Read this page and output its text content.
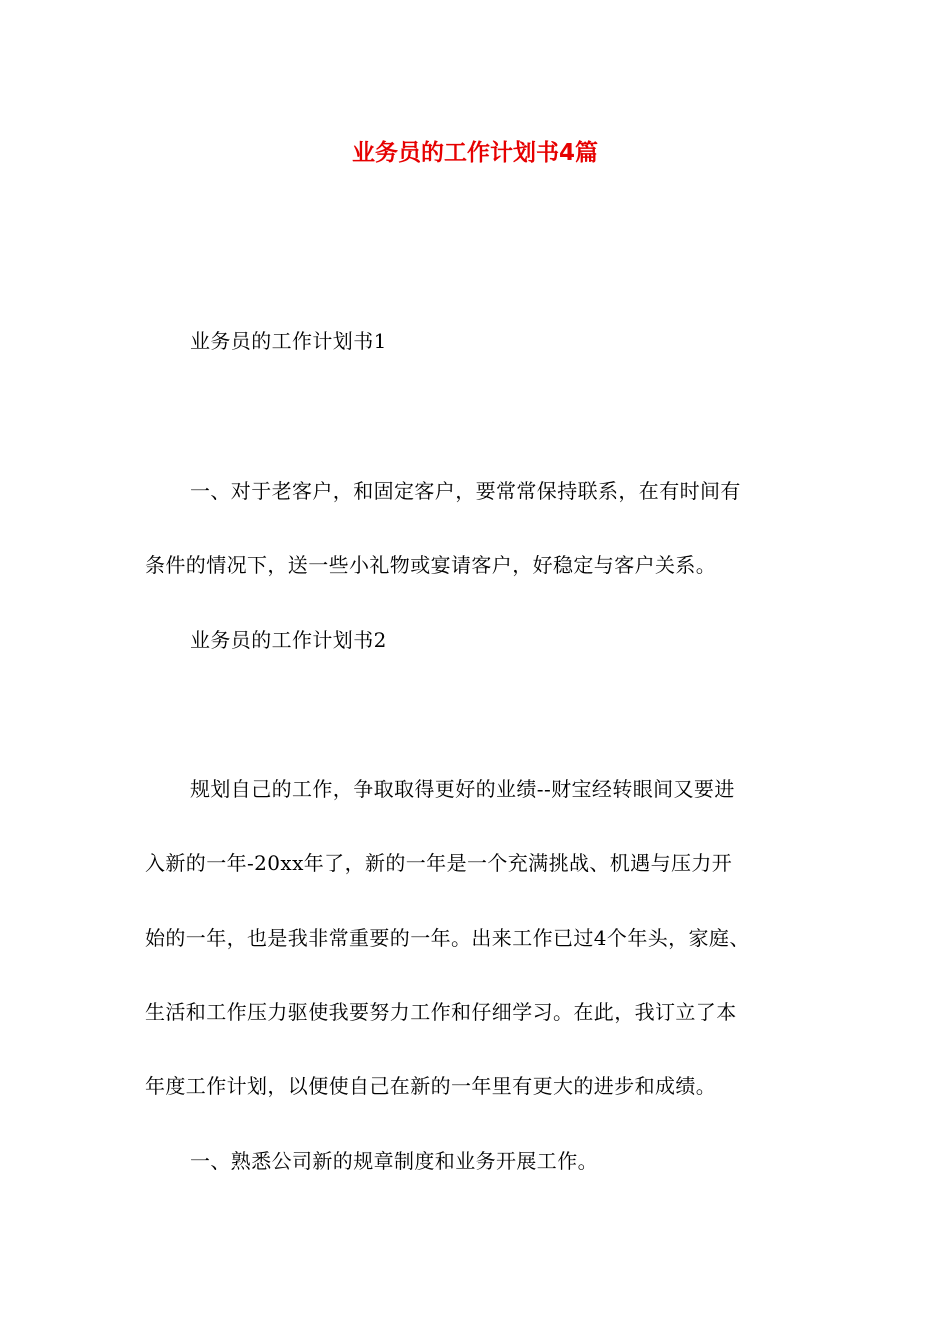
业务员的工作计划书4篇
业务员的工作计划书1
一、对于老客户，和固定客户，要常常保持联系，在有时间有
条件的情况下，送一些小礼物或宴请客户，好稳定与客户关系。
业务员的工作计划书2
规划自己的工作，争取取得更好的业绩--财宝经转眼间又要进
入新的一年-20xx年了，新的一年是一个充满挑战、机遇与压力开
始的一年，也是我非常重要的一年。出来工作已过4个年头，家庭、
生活和工作压力驱使我要努力工作和仔细学习。在此，我订立了本
年度工作计划，以便使自己在新的一年里有更大的进步和成绩。
一、熟悉公司新的规章制度和业务开展工作。
